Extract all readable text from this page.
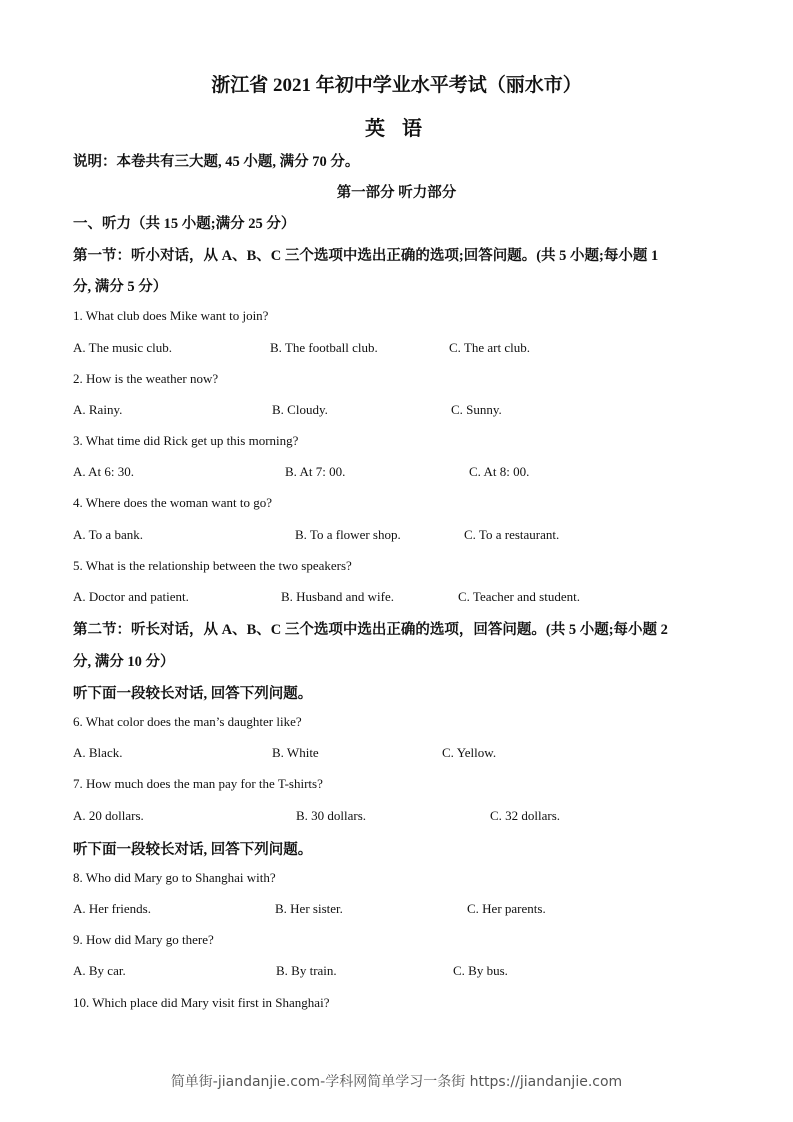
浙江省 2021 年初中学业水平考试（丽水市）
英 语
说明：本卷共有三大题, 45 小题, 满分 70 分。
第一部分 听力部分
一、听力（共 15 小题;满分 25 分）
第一节：听小对话，从 A、B、C 三个选项中选出正确的选项;回答问题。(共 5 小题;每小题 1
分, 满分 5 分）
1. What club does Mike want to join?
A. The music club.	B. The football club.	C. The art club.
2. How is the weather now?
A. Rainy.	B. Cloudy.	C. Sunny.
3. What time did Rick get up this morning?
A. At 6: 30.	B. At 7: 00.	C. At 8: 00.
4. Where does the woman want to go?
A. To a bank.	B. To a flower shop.	C. To a restaurant.
5. What is the relationship between the two speakers?
A. Doctor and patient.	B. Husband and wife.	C. Teacher and student.
第二节：听长对话，从 A、B、C 三个选项中选出正确的选项，回答问题。(共 5 小题;每小题 2
分, 满分 10 分）
听下面一段较长对话, 回答下列问题。
6. What color does the man’s daughter like?
A. Black.	B. White	C. Yellow.
7. How much does the man pay for the T-shirts?
A. 20 dollars.	B. 30 dollars.	C. 32 dollars.
听下面一段较长对话, 回答下列问题。
8. Who did Mary go to Shanghai with?
A. Her friends.	B. Her sister.	C. Her parents.
9. How did Mary go there?
A. By car.	B. By train.	C. By bus.
10. Which place did Mary visit first in Shanghai?
简单街-jiandanjie.com-学科网简单学习一条街 https://jiandanjie.com
